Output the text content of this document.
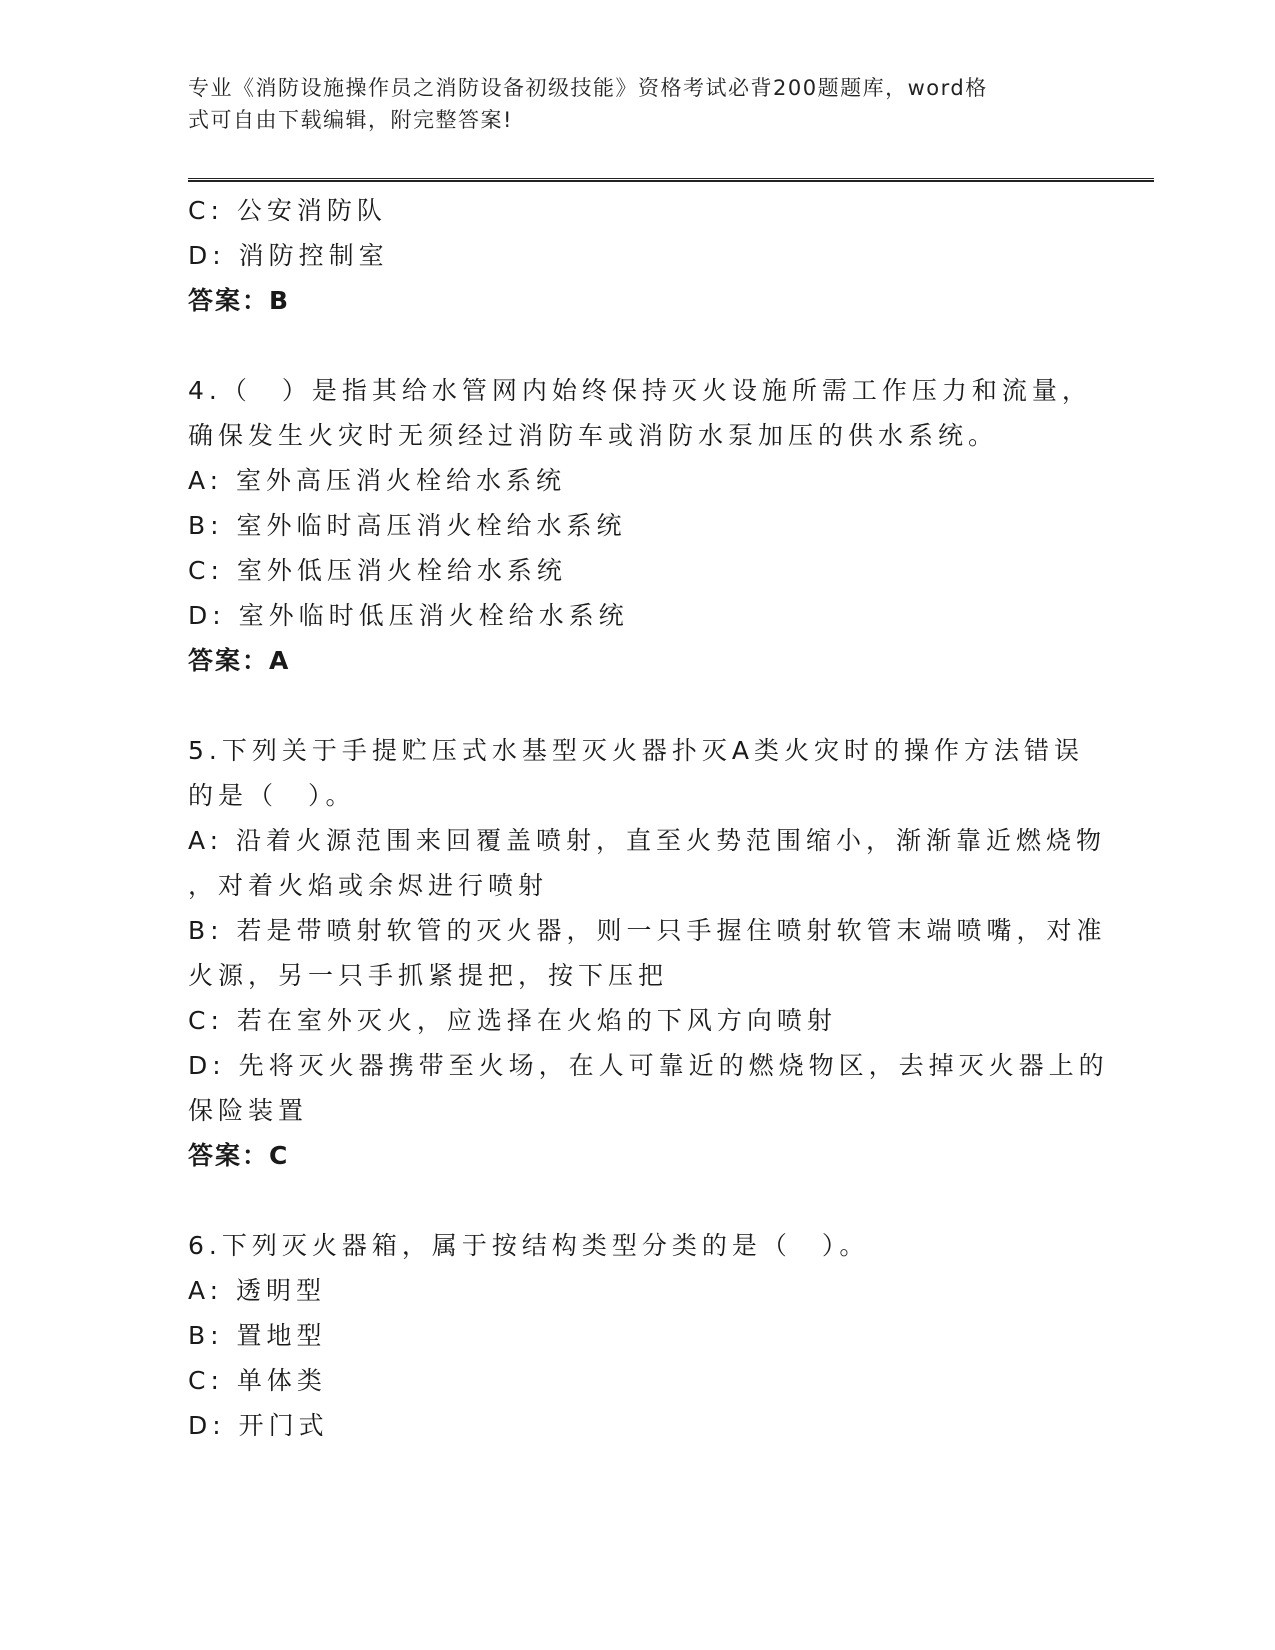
专业《消防设施操作员之消防设备初级技能》资格考试必背200题题库，word格
式可自由下载编辑，附完整答案!
C: 公安消防队
D: 消防控制室
答案：B
4.（　）是指其给水管网内始终保持灭火设施所需工作压力和流量，
确保发生火灾时无须经过消防车或消防水泵加压的供水系统。
A: 室外高压消火栓给水系统
B: 室外临时高压消火栓给水系统
C: 室外低压消火栓给水系统
D: 室外临时低压消火栓给水系统
答案：A
5.下列关于手提贮压式水基型灭火器扑灭A类火灾时的操作方法错误
的是（　）。
A: 沿着火源范围来回覆盖喷射，直至火势范围缩小，渐渐靠近燃烧物
，对着火焰或余烬进行喷射
B: 若是带喷射软管的灭火器，则一只手握住喷射软管末端喷嘴，对准
火源，另一只手抓紧提把，按下压把
C: 若在室外灭火，应选择在火焰的下风方向喷射
D: 先将灭火器携带至火场，在人可靠近的燃烧物区，去掉灭火器上的
保险装置
答案：C
6.下列灭火器箱，属于按结构类型分类的是（　）。
A: 透明型
B: 置地型
C: 单体类
D: 开门式
